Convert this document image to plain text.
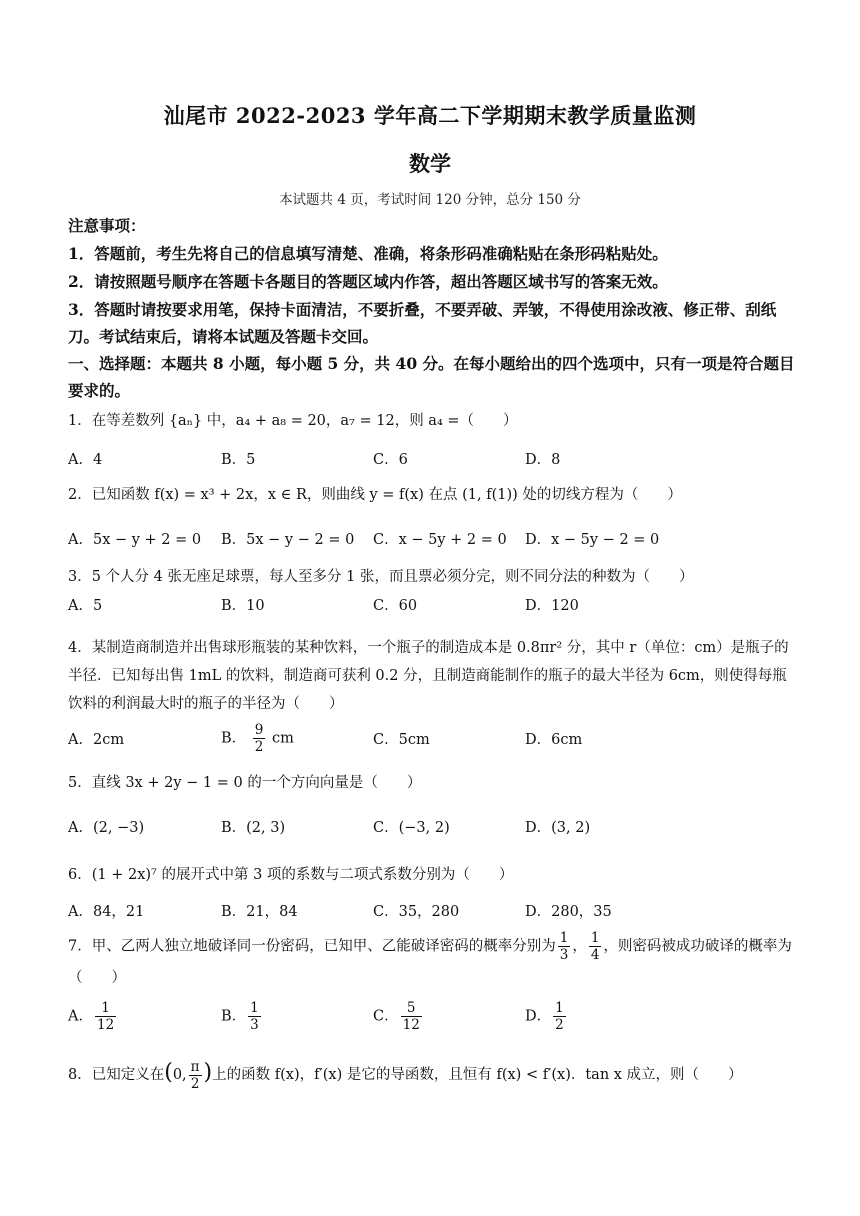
汕尾市 2022-2023 学年高二下学期期末教学质量监测
数学
本试题共 4 页，考试时间 120 分钟，总分 150 分
注意事项：
1．答题前，考生先将自己的信息填写清楚、准确，将条形码准确粘贴在条形码粘贴处。
2．请按照题号顺序在答题卡各题目的答题区域内作答，超出答题区域书写的答案无效。
3．答题时请按要求用笔，保持卡面清洁，不要折叠，不要弄破、弄皱，不得使用涂改液、修正带、刮纸刀。考试结束后，请将本试题及答题卡交回。
一、选择题：本题共 8 小题，每小题 5 分，共 40 分。在每小题给出的四个选项中，只有一项是符合题目要求的。
1．在等差数列 {aₙ} 中，a₄ + a₈ = 20，a₇ = 12，则 a₄ =（　　）
A．4	B．5	C．6	D．8
2．已知函数 f(x) = x³ + 2x，x ∈ R，则曲线 y = f(x) 在点 (1, f(1)) 处的切线方程为（　　）
A．5x − y + 2 = 0 B．5x − y − 2 = 0 C．x − 5y + 2 = 0 D．x − 5y − 2 = 0
3．5 个人分 4 张无座足球票，每人至多分 1 张，而且票必须分完，则不同分法的种数为（　　）
A．5	B．10	C．60	D．120
4．某制造商制造并出售球形瓶装的某种饮料，一个瓶子的制造成本是 0.8πr² 分，其中 r（单位：cm）是瓶子的半径．已知每出售 1mL 的饮料，制造商可获利 0.2 分，且制造商能制作的瓶子的最大半径为 6cm，则使得每瓶饮料的利润最大时的瓶子的半径为（　　）
A．2cm	B． $\frac{9}{2}$ cm	C．5cm	D．6cm
5．直线 3x + 2y − 1 = 0 的一个方向向量是（　　）
A．(2, −3)	B．(2, 3)	C．(−3, 2)	D．(3, 2)
6．(1 + 2x)⁷ 的展开式中第 3 项的系数与二项式系数分别为（　　）
A．84，21	B．21，84	C．35，280	D．280，35
7．甲、乙两人独立地破译同一份密码，已知甲、乙能破译密码的概率分别为 $\frac{1}{3}$ ， $\frac{1}{4}$ ，则密码被成功破译的概率为（　　）
A． $\frac{1}{12}$	B． $\frac{1}{3}$	C． $\frac{5}{12}$	D． $\frac{1}{2}$
8．已知定义在(0, $\frac{\pi}{2}$ )上的函数 f(x)，f′(x) 是它的导函数，且恒有 f(x) < f′(x)．tan x 成立，则（　　）
